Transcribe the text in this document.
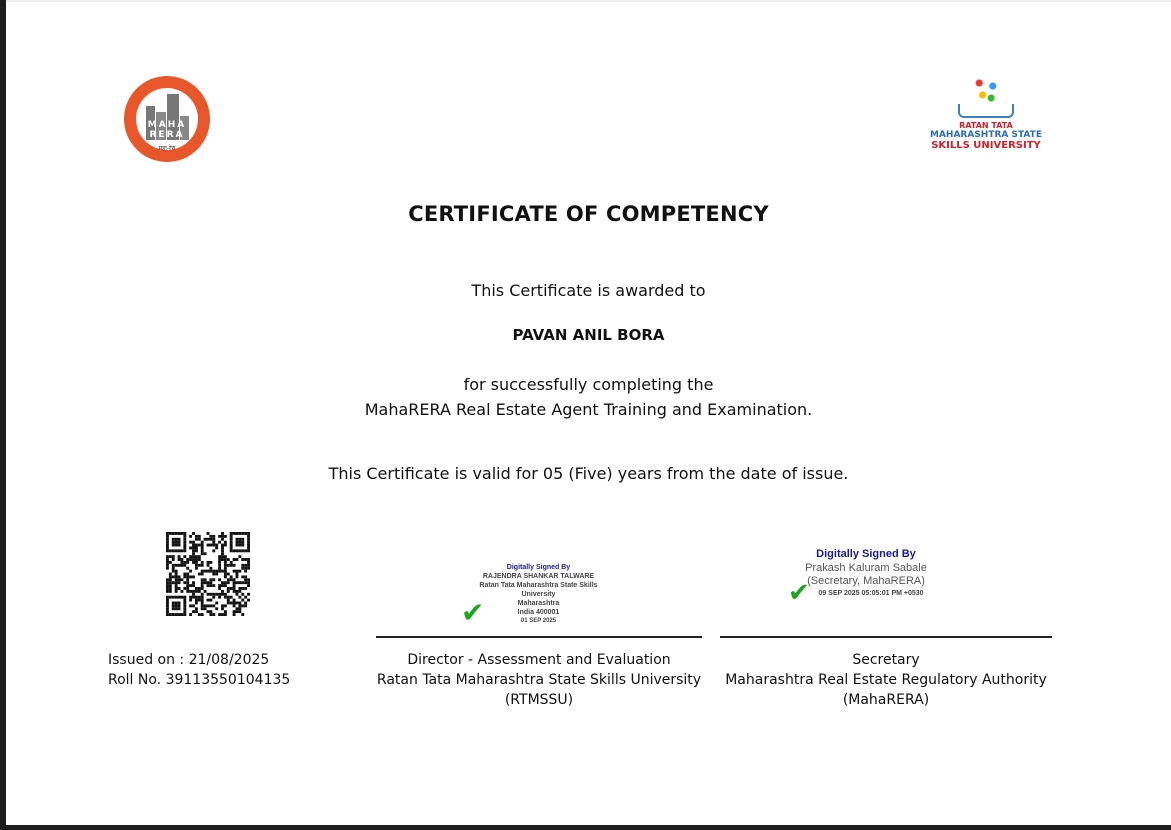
MAHA RERA
महा-रेरा
RATAN TATA
MAHARASHTRA STATE
SKILLS UNIVERSITY
CERTIFICATE OF COMPETENCY
This Certificate is awarded to
PAVAN ANIL BORA
for successfully completing the
MahaRERA Real Estate Agent Training and Examination.
This Certificate is valid for 05 (Five) years from the date of issue.
Issued on : 21/08/2025
Roll No. 39113550104135
Digitally Signed By
RAJENDRA SHANKAR TALWARE
Ratan Tata Maharashtra State Skills
University
Maharashtra
India 400001
01 SEP 2025
✔
Director - Assessment and Evaluation
Ratan Tata Maharashtra State Skills University
(RTMSSU)
Digitally Signed By
Prakash Kaluram Sabale
(Secretary, MahaRERA)
09 SEP 2025 05:05:01 PM +0530
✔
Secretary
Maharashtra Real Estate Regulatory Authority
(MahaRERA)
